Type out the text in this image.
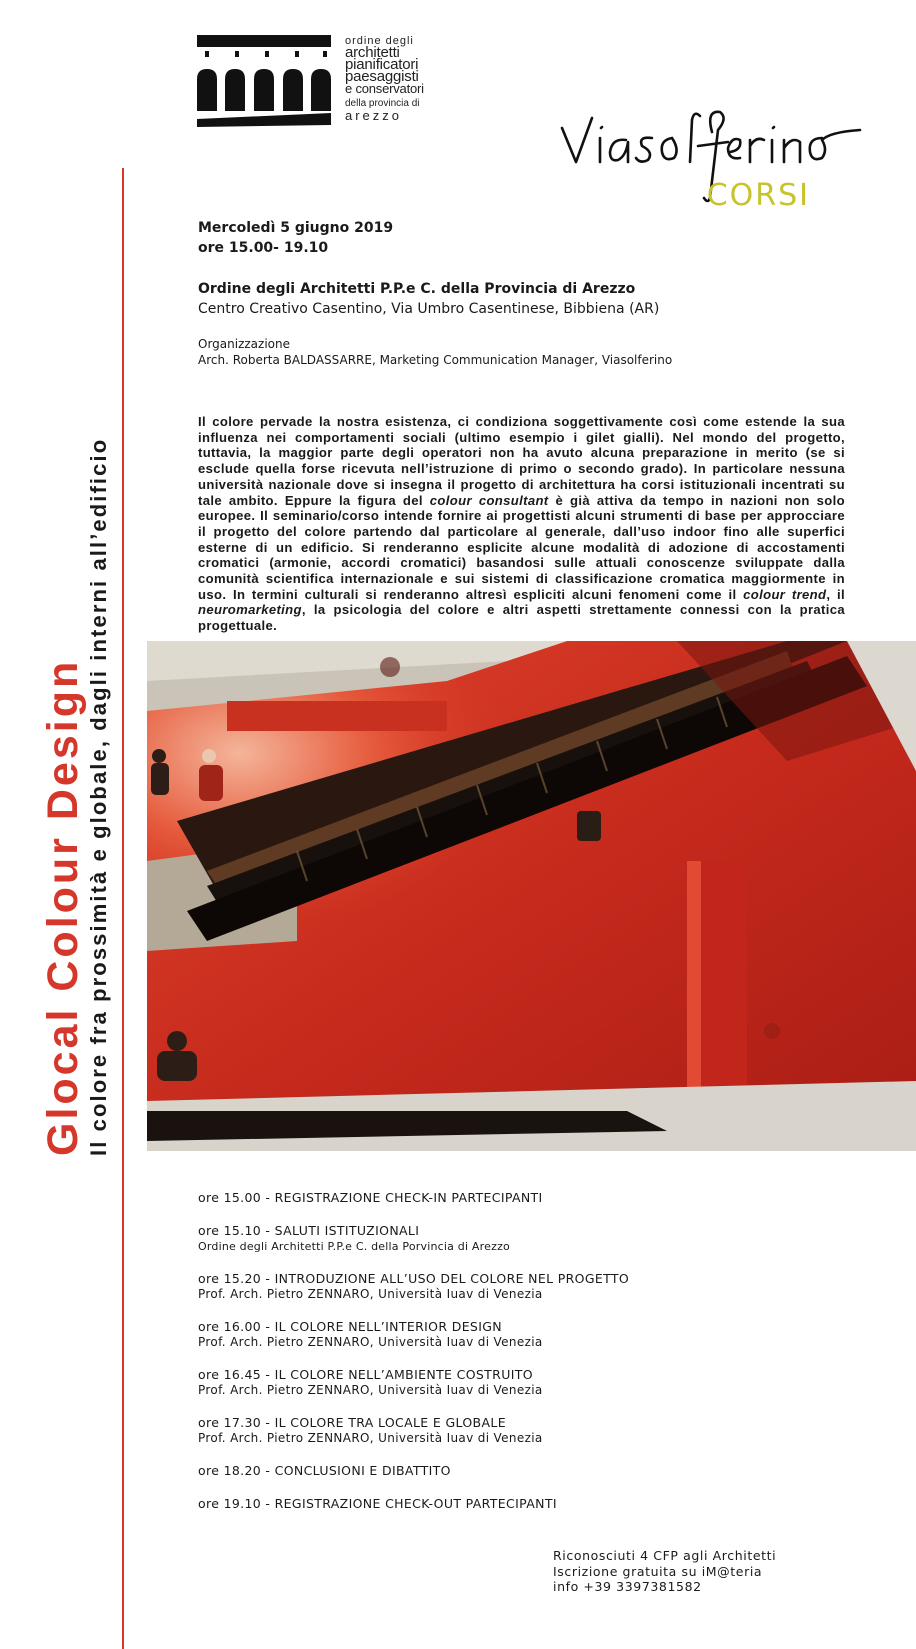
ordine degli
architetti
pianificatori
paesaggisti
e conservatori
della provincia di
arezzo
CORSI
Glocal Colour Design Il colore fra prossimità e globale, dagli interni all’edificio
Mercoledì 5 giugno 2019
ore 15.00- 19.10
Ordine degli Architetti P.P.e C. della Provincia di Arezzo
Centro Creativo Casentino, Via Umbro Casentinese, Bibbiena (AR)
Organizzazione
Arch. Roberta BALDASSARRE, Marketing Communication Manager, Viasolferino
Il colore pervade la nostra esistenza, ci condiziona soggettivamente così come estende la sua influenza nei comportamenti sociali (ultimo esempio i gilet gialli). Nel mondo del progetto, tuttavia, la maggior parte degli operatori non ha avuto alcuna preparazione in merito (se si esclude quella forse ricevuta nell’istruzione di primo o secondo grado). In particolare nessuna università nazionale dove si insegna il progetto di architettura ha corsi istituzionali incentrati su tale ambito. Eppure la figura del colour consultant è già attiva da tempo in nazioni non solo europee. Il seminario/corso intende fornire ai progettisti alcuni strumenti di base per approcciare il progetto del colore partendo dal particolare al generale, dall’uso indoor fino alle superfici esterne di un edificio. Si renderanno esplicite alcune modalità di adozione di accostamenti cromatici (armonie, accordi cromatici) basandosi sulle attuali conoscenze sviluppate dalla comunità scientifica internazionale e sui sistemi di classificazione cromatica maggiormente in uso. In termini culturali si renderanno altresì espliciti alcuni fenomeni come il colour trend, il neuromarketing, la psicologia del colore e altri aspetti strettamente connessi con la pratica progettuale.
ore 15.00 - REGISTRAZIONE CHECK-IN PARTECIPANTI
ore 15.10 - SALUTI ISTITUZIONALI
Ordine degli Architetti P.P.e C. della Porvincia di Arezzo
ore 15.20 - INTRODUZIONE ALL’USO DEL COLORE NEL PROGETTO
Prof. Arch. Pietro ZENNARO, Università Iuav di Venezia
ore 16.00 - IL COLORE NELL’INTERIOR DESIGN
Prof. Arch. Pietro ZENNARO, Università Iuav di Venezia
ore 16.45 - IL COLORE NELL’AMBIENTE COSTRUITO
Prof. Arch. Pietro ZENNARO, Università Iuav di Venezia
ore 17.30 - IL COLORE TRA LOCALE E GLOBALE
Prof. Arch. Pietro ZENNARO, Università Iuav di Venezia
ore 18.20 - CONCLUSIONI E DIBATTITO
ore 19.10 - REGISTRAZIONE CHECK-OUT PARTECIPANTI
Riconosciuti 4 CFP agli Architetti
Iscrizione gratuita su iM@teria
info +39 3397381582
